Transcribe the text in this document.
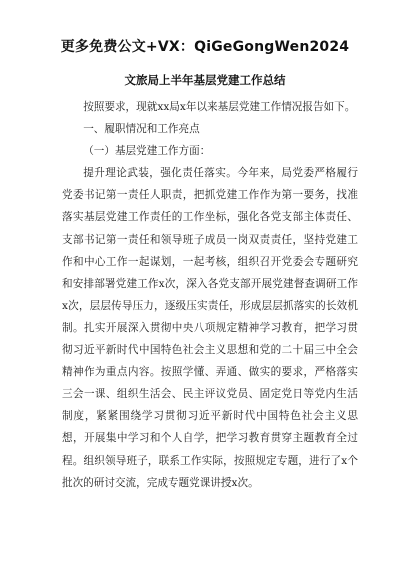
更多免费公文+VX：QiGeGongWen2024
文旅局上半年基层党建工作总结

按照要求，现就xx局x年以来基层党建工作情况报告如下。

一、履职情况和工作亮点

（一）基层党建工作方面：

提升理论武装，强化责任落实。今年来，局党委严格履行党委书记第一责任人职责，把抓党建工作作为第一要务，找准落实基层党建工作责任的工作坐标，强化各党支部主体责任、支部书记第一责任和领导班子成员一岗双责责任，坚持党建工作和中心工作一起谋划，一起考核，组织召开党委会专题研究和安排部署党建工作x次，深入各党支部开展党建督查调研工作x次，层层传导压力，逐级压实责任，形成层层抓落实的长效机制。扎实开展深入贯彻中央八项规定精神学习教育，把学习贯彻习近平新时代中国特色社会主义思想和党的二十届三中全会精神作为重点内容。按照学懂、弄通、做实的要求，严格落实三会一课、组织生活会、民主评议党员、固定党日等党内生活制度，紧紧围绕学习贯彻习近平新时代中国特色社会主义思想，开展集中学习和个人自学，把学习教育贯穿主题教育全过程。组织领导班子，联系工作实际，按照规定专题，进行了x个批次的研讨交流，完成专题党课讲授x次。
